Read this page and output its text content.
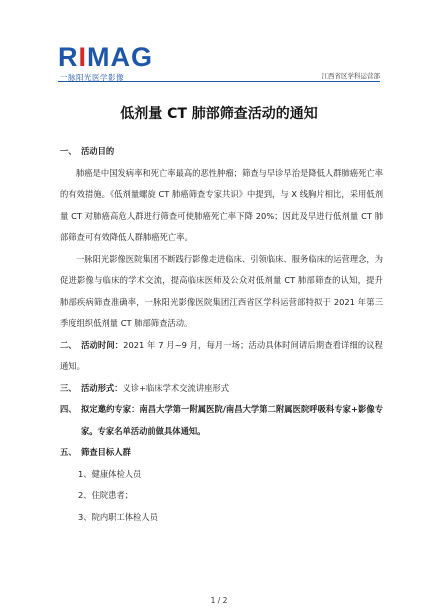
RIMAG
一脉阳光医学影像	江西省区学科运营部
低剂量 CT 肺部筛查活动的通知

一、 活动目的

肺癌是中国发病率和死亡率最高的恶性肿瘤；筛查与早诊早治是降低人群肺癌死亡率的有效措施。《低剂量螺旋 CT 肺癌筛查专家共识》中提到，与 X 线胸片相比，采用低剂量 CT 对肺癌高危人群进行筛查可使肺癌死亡率下降 20%；因此及早进行低剂量 CT 肺部筛查可有效降低人群肺癌死亡率。

一脉阳光影像医院集团不断践行影像走进临床、引领临床、服务临床的运营理念，为促进影像与临床的学术交流，提高临床医师及公众对低剂量 CT 肺部筛查的认知，提升肺部疾病筛查准确率，一脉阳光影像医院集团江西省区学科运营部特拟于 2021 年第三季度组织低剂量 CT 肺部筛查活动。

二、 活动时间：2021 年 7 月~9 月，每月一场；活动具体时间请后期查看详细的议程通知。

三、 活动形式：义诊+临床学术交流讲座形式

四、 拟定邀约专家：南昌大学第一附属医院/南昌大学第二附属医院呼吸科专家+影像专家。专家名单活动前做具体通知。

五、 筛查目标人群

1、健康体检人员

2、住院患者；

3、院内职工体检人员

1 / 2
